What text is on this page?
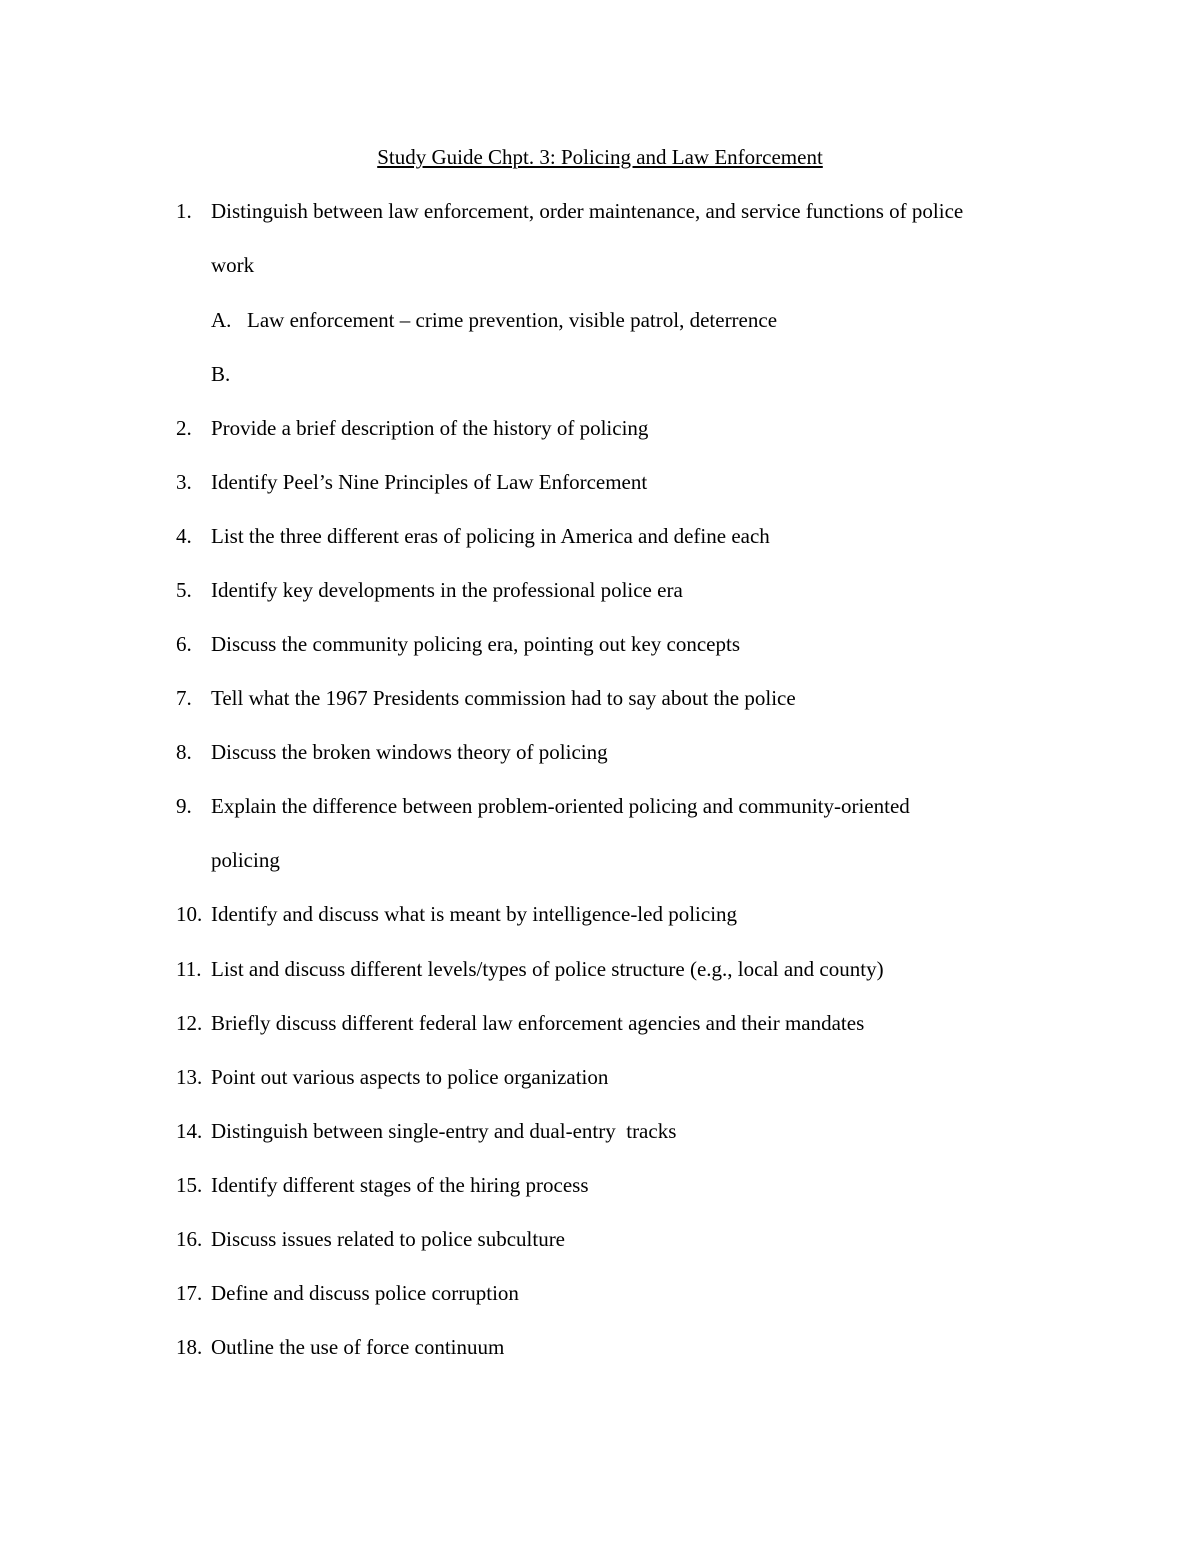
Study Guide Chpt. 3: Policing and Law Enforcement
1. Distinguish between law enforcement, order maintenance, and service functions of police
work
A. Law enforcement – crime prevention, visible patrol, deterrence
B.
2. Provide a brief description of the history of policing
3. Identify Peel’s Nine Principles of Law Enforcement
4. List the three different eras of policing in America and define each
5. Identify key developments in the professional police era
6. Discuss the community policing era, pointing out key concepts
7. Tell what the 1967 Presidents commission had to say about the police
8. Discuss the broken windows theory of policing
9. Explain the difference between problem-oriented policing and community-oriented
policing
10. Identify and discuss what is meant by intelligence-led policing
11. List and discuss different levels/types of police structure (e.g., local and county)
12. Briefly discuss different federal law enforcement agencies and their mandates
13. Point out various aspects to police organization
14. Distinguish between single-entry and dual-entry  tracks
15. Identify different stages of the hiring process
16. Discuss issues related to police subculture
17. Define and discuss police corruption
18. Outline the use of force continuum
